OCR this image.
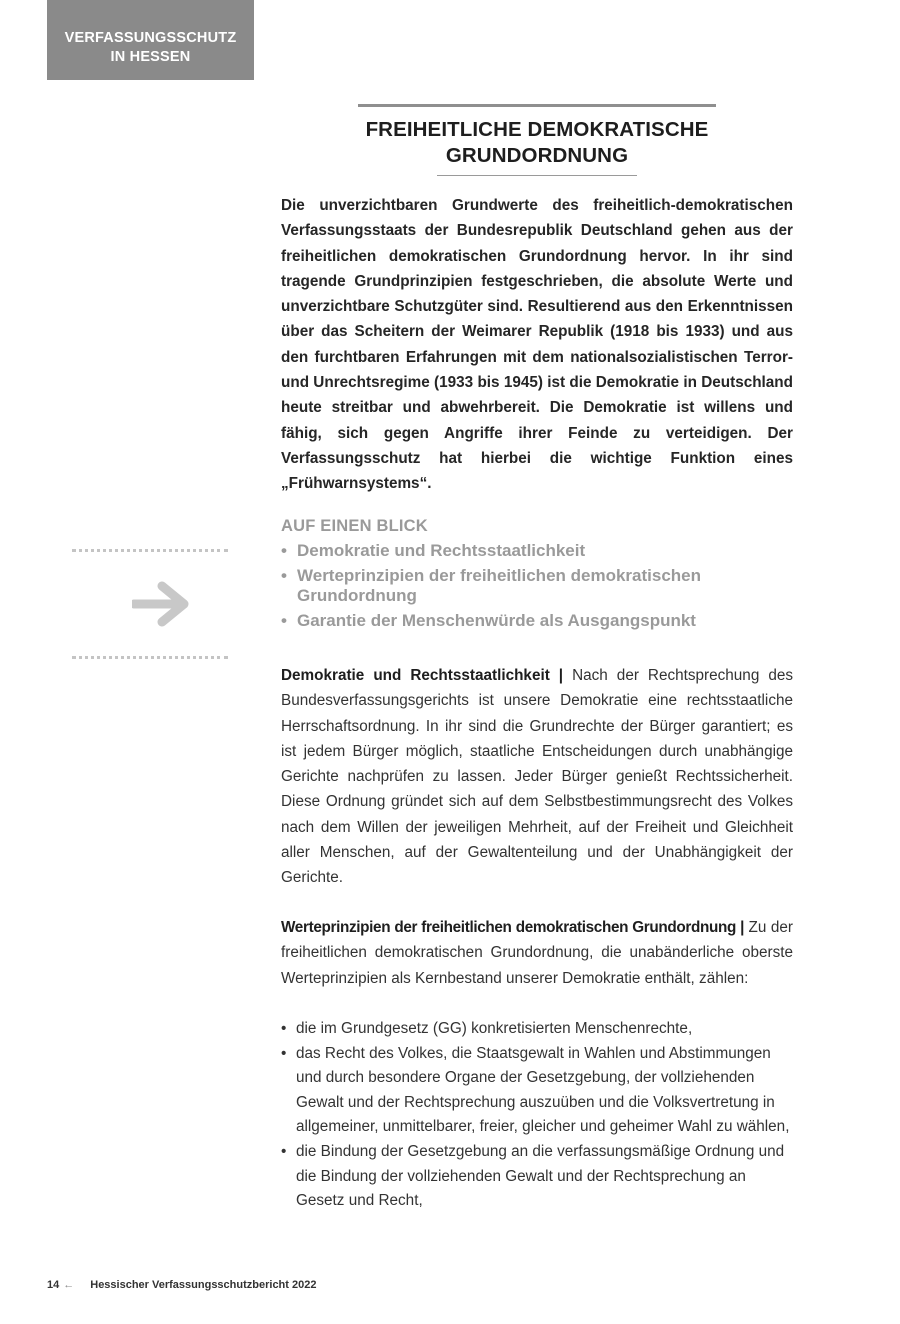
VERFASSUNGSSCHUTZ
IN HESSEN
FREIHEITLICHE DEMOKRATISCHE
GRUNDORDNUNG

Die unverzichtbaren Grundwerte des freiheitlich-demokratischen Verfassungsstaats der Bundesrepublik Deutschland gehen aus der freiheitlichen demokratischen Grundordnung hervor. In ihr sind tragende Grundprinzipien festgeschrieben, die absolute Werte und unverzichtbare Schutzgüter sind. Resultierend aus den Erkenntnissen über das Scheitern der Weimarer Republik (1918 bis 1933) und aus den furchtbaren Erfahrungen mit dem nationalsozialistischen Terror- und Unrechtsregime (1933 bis 1945) ist die Demokratie in Deutschland heute streitbar und abwehrbereit. Die Demokratie ist willens und fähig, sich gegen Angriffe ihrer Feinde zu verteidigen. Der Verfassungsschutz hat hierbei die wichtige Funktion eines „Frühwarnsystems“.

AUF EINEN BLICK
• Demokratie und Rechtsstaatlichkeit
• Werteprinzipien der freiheitlichen demokratischen Grundordnung
• Garantie der Menschenwürde als Ausgangspunkt

Demokratie und Rechtsstaatlichkeit | Nach der Rechtsprechung des Bundesverfassungsgerichts ist unsere Demokratie eine rechtsstaatliche Herrschaftsordnung. In ihr sind die Grundrechte der Bürger garantiert; es ist jedem Bürger möglich, staatliche Entscheidungen durch unabhängige Gerichte nachprüfen zu lassen. Jeder Bürger genießt Rechtssicherheit. Diese Ordnung gründet sich auf dem Selbstbestimmungsrecht des Volkes nach dem Willen der jeweiligen Mehrheit, auf der Freiheit und Gleichheit aller Menschen, auf der Gewaltenteilung und der Unabhängigkeit der Gerichte.

Werteprinzipien der freiheitlichen demokratischen Grundordnung | Zu der freiheitlichen demokratischen Grundordnung, die unabänderliche oberste Werteprinzipien als Kernbestand unserer Demokratie enthält, zählen:

• die im Grundgesetz (GG) konkretisierten Menschenrechte,
• das Recht des Volkes, die Staatsgewalt in Wahlen und Abstimmungen und durch besondere Organe der Gesetzgebung, der vollziehenden Gewalt und der Rechtsprechung auszuüben und die Volksvertretung in allgemeiner, unmittelbarer, freier, gleicher und geheimer Wahl zu wählen,
• die Bindung der Gesetzgebung an die verfassungsmäßige Ordnung und die Bindung der vollziehenden Gewalt und der Rechtsprechung an Gesetz und Recht,
14 ← Hessischer Verfassungsschutzbericht 2022
